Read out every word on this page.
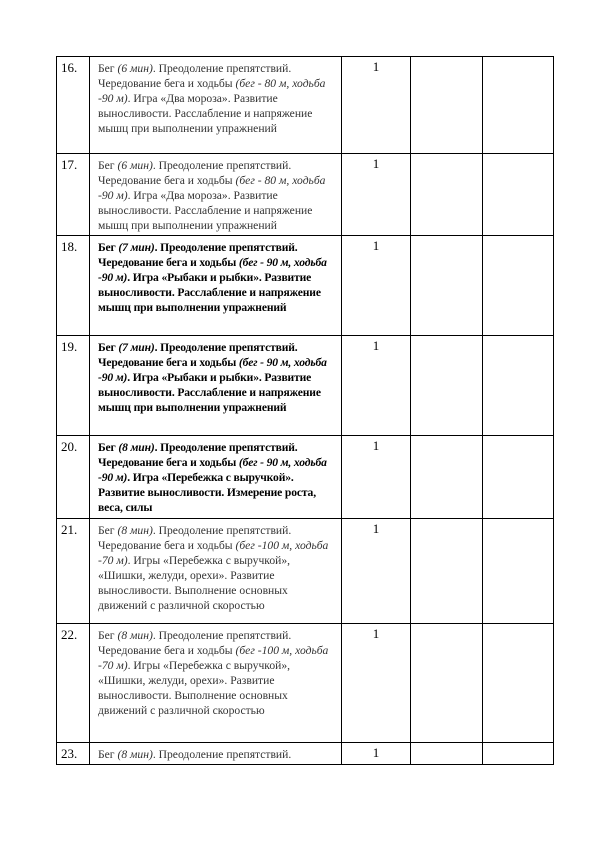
16.	Бег (6 мин). Преодоление препятствий. Чередование бега и ходьбы (бег - 80 м, ходьба -90 м). Игра «Два мороза». Развитие выносливости. Расслабление и напряжение мышц при выполнении упражнений	1		
17.	Бег (6 мин). Преодоление препятствий. Чередование бега и ходьбы (бег - 80 м, ходьба -90 м). Игра «Два мороза». Развитие выносливости. Расслабление и напряжение мышц при выполнении упражнений	1		
18.	Бег (7 мин). Преодоление препятствий. Чередование бега и ходьбы (бег - 90 м, ходьба -90 м). Игра «Рыбаки и рыбки». Развитие выносливости. Расслабление и напряжение мышц при выполнении упражнений	1		
19.	Бег (7 мин). Преодоление препятствий. Чередование бега и ходьбы (бег - 90 м, ходьба -90 м). Игра «Рыбаки и рыбки». Развитие выносливости. Расслабление и напряжение мышц при выполнении упражнений	1		
20.	Бег (8 мин). Преодоление препятствий. Чередование бега и ходьбы (бег - 90 м, ходьба -90 м). Игра «Перебежка с выручкой». Развитие выносливости. Измерение роста, веса, силы	1		
21.	Бег (8 мин). Преодоление препятствий. Чередование бега и ходьбы (бег -100 м, ходьба -70 м). Игры «Перебежка с выручкой», «Шишки, желуди, орехи». Развитие выносливости. Выполнение основных движений с различной скоростью	1		
22.	Бег (8 мин). Преодоление препятствий. Чередование бега и ходьбы (бег -100 м, ходьба -70 м). Игры «Перебежка с выручкой», «Шишки, желуди, орехи». Развитие выносливости. Выполнение основных движений с различной скоростью	1		
23.	Бег (8 мин). Преодоление препятствий.	1		
